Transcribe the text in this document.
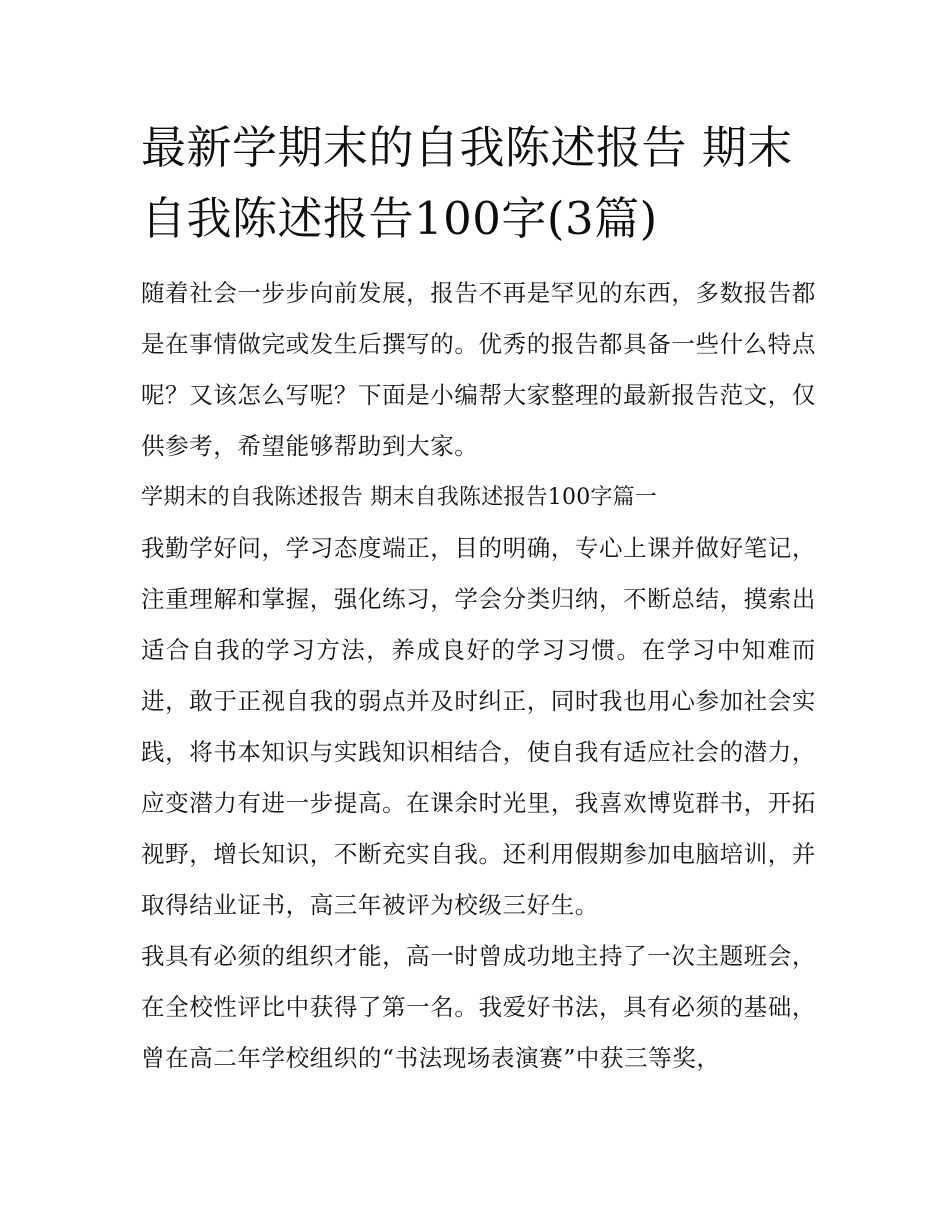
最新学期末的自我陈述报告 期末自我陈述报告100字(3篇)

随着社会一步步向前发展，报告不再是罕见的东西，多数报告都是在事情做完或发生后撰写的。优秀的报告都具备一些什么特点呢？又该怎么写呢？下面是小编帮大家整理的最新报告范文，仅供参考，希望能够帮助到大家。

学期末的自我陈述报告 期末自我陈述报告100字篇一

我勤学好问，学习态度端正，目的明确，专心上课并做好笔记，注重理解和掌握，强化练习，学会分类归纳，不断总结，摸索出适合自我的学习方法，养成良好的学习习惯。在学习中知难而进，敢于正视自我的弱点并及时纠正，同时我也用心参加社会实践，将书本知识与实践知识相结合，使自我有适应社会的潜力，应变潜力有进一步提高。在课余时光里，我喜欢博览群书，开拓视野，增长知识，不断充实自我。还利用假期参加电脑培训，并取得结业证书，高三年被评为校级三好生。

我具有必须的组织才能，高一时曾成功地主持了一次主题班会，在全校性评比中获得了第一名。我爱好书法，具有必须的基础，曾在高二年学校组织的“书法现场表演赛”中获三等奖，
